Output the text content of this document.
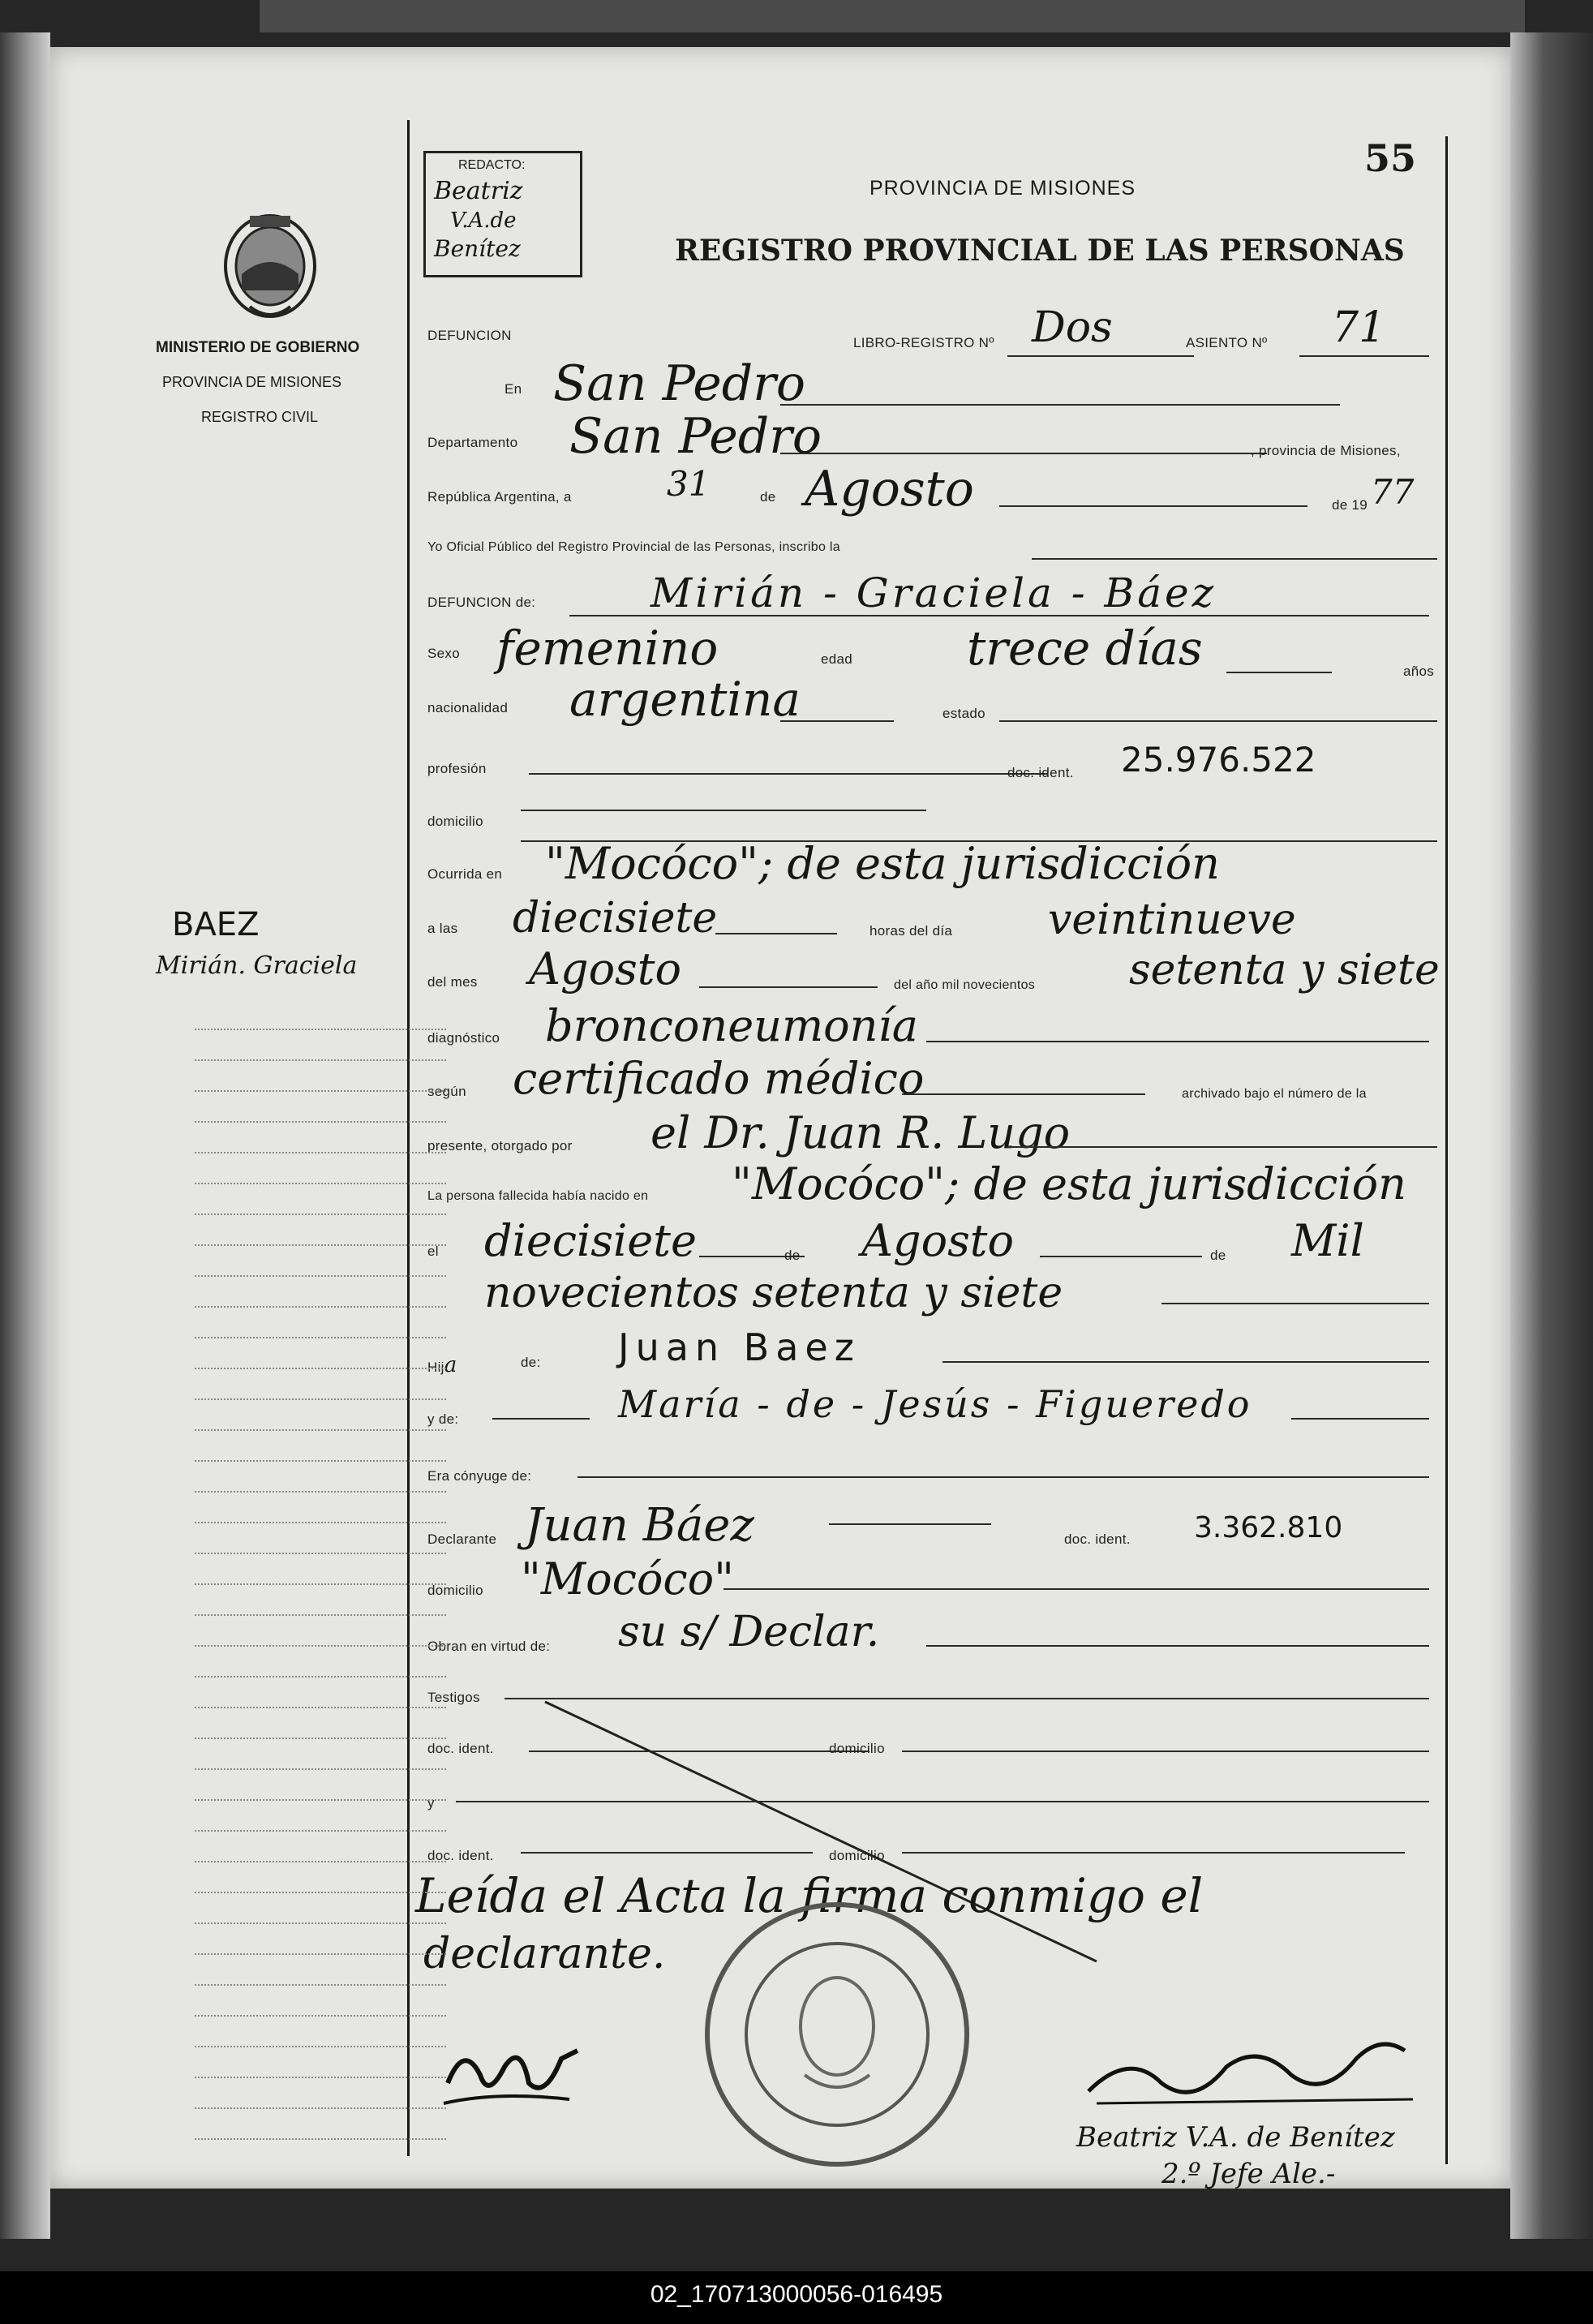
55
PROVINCIA DE MISIONES
REGISTRO PROVINCIAL DE LAS PERSONAS
MINISTERIO DE GOBIERNO
PROVINCIA DE MISIONES
REGISTRO CIVIL
REDACTO:
Beatriz
V.A.de
Benítez
BAEZ
Mirián. Graciela
DEFUNCION	LIBRO-REGISTRO Nº Dos	ASIENTO Nº 71
En San Pedro
Departamento San Pedro	, provincia de Misiones,
República Argentina, a	31	de Agosto	de 19 77
Yo Oficial Público del Registro Provincial de las Personas, inscribo la
DEFUNCION de:	Mirián - Graciela - Báez
Sexo femenino	edad trece días	años
nacionalidad argentina	estado
profesión	doc. ident. 25.976.522
domicilio
Ocurrida en "Mocóco"; de esta jurisdicción
a las diecisiete	horas del día veintinueve
del mes Agosto	del año mil novecientos setenta y siete
diagnóstico bronconeumonía
según certificado médico	archivado bajo el número de la
presente, otorgado por el Dr. Juan R. Lugo
La persona fallecida había nacido en "Mocóco"; de esta jurisdicción
el diecisiete	de Agosto	de Mil
novecientos setenta y siete
Hija	de: Juan Baez
y de:	María - de - Jesús - Figueredo
Era cónyuge de:
Declarante Juan Báez	doc. ident. 3.362.810
domicilio "Mocóco"
Obran en virtud de: su s/ Declar.
Testigos
doc. ident.	domicilio
y
doc. ident.	domicilio
Leída el Acta la firma conmigo el
declarante.
Beatriz V.A. de Benítez
2.º Jefe Ale.-
02_170713000056-016495
